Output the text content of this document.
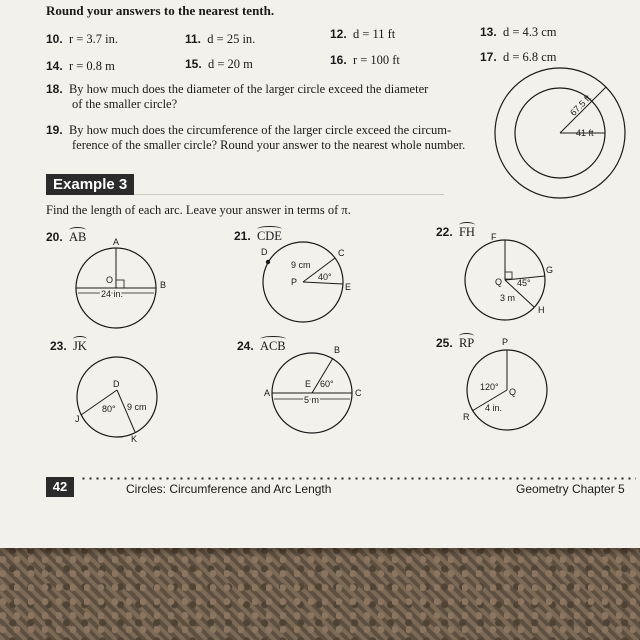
Round your answers to the nearest tenth.
10. r = 3.7 in.	11. d = 25 in.	12. d = 11 ft	13. d = 4.3 cm
14. r = 0.8 m	15. d = 20 m	16. r = 100 ft	17. d = 6.8 cm
18. By how much does the diameter of the larger circle exceed the diameter
of the smaller circle?
19. By how much does the circumference of the larger circle exceed the circum-
ference of the smaller circle? Round your answer to the nearest whole number.
67.5 ft
41 ft
Example 3
Find the length of each arc. Leave your answer in terms of π.
20. AB	21. CDE	22. FH
23. JK	24. ACB	25. RP
A
B
O
24 in.
D	C
E
P
9 cm
40°
F
G
H
Q 45°
3 m
D
J
K
80° 9 cm
B
A	C
E 60°
5 m
P
Q
R
120°
4 in.
42	Circles: Circumference and Arc Length	Geometry Chapter 5
